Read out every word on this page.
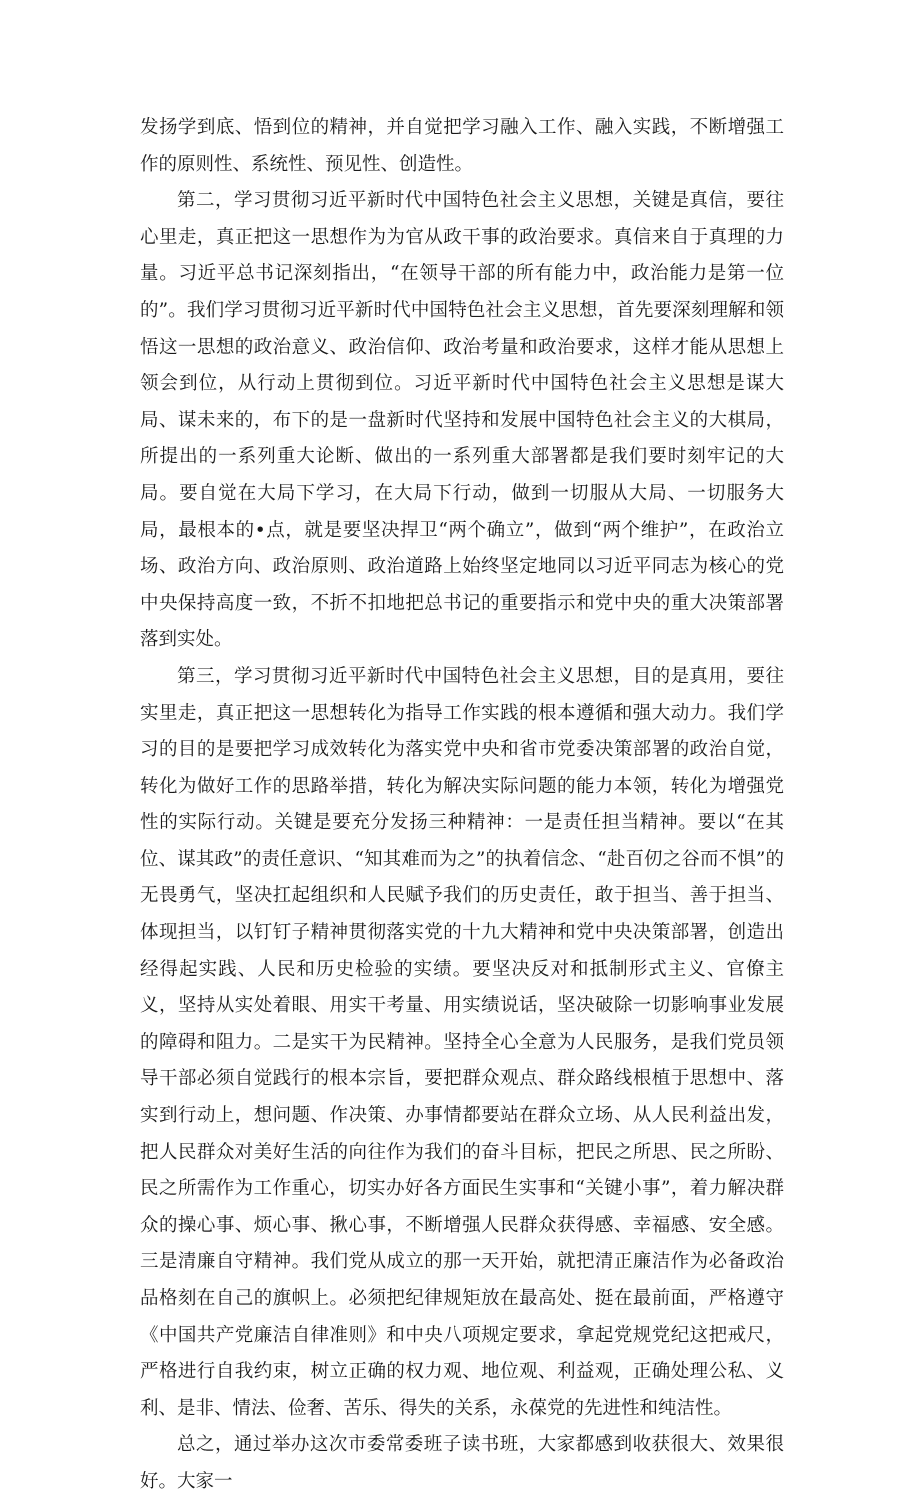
发扬学到底、悟到位的精神，并自觉把学习融入工作、融入实践，不断增强工作的原则性、系统性、预见性、创造性。

第二，学习贯彻习近平新时代中国特色社会主义思想，关键是真信，要往心里走，真正把这一思想作为为官从政干事的政治要求。真信来自于真理的力量。习近平总书记深刻指出，“在领导干部的所有能力中，政治能力是第一位的”。我们学习贯彻习近平新时代中国特色社会主义思想，首先要深刻理解和领悟这一思想的政治意义、政治信仰、政治考量和政治要求，这样才能从思想上领会到位，从行动上贯彻到位。习近平新时代中国特色社会主义思想是谋大局、谋未来的，布下的是一盘新时代坚持和发展中国特色社会主义的大棋局，所提出的一系列重大论断、做出的一系列重大部署都是我们要时刻牢记的大局。要自觉在大局下学习，在大局下行动，做到一切服从大局、一切服务大局，最根本的•点，就是要坚决捍卫“两个确立”，做到“两个维护”，在政治立场、政治方向、政治原则、政治道路上始终坚定地同以习近平同志为核心的党中央保持高度一致，不折不扣地把总书记的重要指示和党中央的重大决策部署落到实处。

第三，学习贯彻习近平新时代中国特色社会主义思想，目的是真用，要往实里走，真正把这一思想转化为指导工作实践的根本遵循和强大动力。我们学习的目的是要把学习成效转化为落实党中央和省市党委决策部署的政治自觉，转化为做好工作的思路举措，转化为解决实际问题的能力本领，转化为增强党性的实际行动。关键是要充分发扬三种精神：一是责任担当精神。要以“在其位、谋其政”的责任意识、“知其难而为之”的执着信念、“赴百仞之谷而不惧”的无畏勇气，坚决扛起组织和人民赋予我们的历史责任，敢于担当、善于担当、体现担当，以钉钉子精神贯彻落实党的十九大精神和党中央决策部署，创造出经得起实践、人民和历史检验的实绩。要坚决反对和抵制形式主义、官僚主义，坚持从实处着眼、用实干考量、用实绩说话，坚决破除一切影响事业发展的障碍和阻力。二是实干为民精神。坚持全心全意为人民服务，是我们党员领导干部必须自觉践行的根本宗旨，要把群众观点、群众路线根植于思想中、落实到行动上，想问题、作决策、办事情都要站在群众立场、从人民利益出发，把人民群众对美好生活的向往作为我们的奋斗目标，把民之所思、民之所盼、民之所需作为工作重心，切实办好各方面民生实事和“关键小事”，着力解决群众的操心事、烦心事、揪心事，不断增强人民群众获得感、幸福感、安全感。三是清廉自守精神。我们党从成立的那一天开始，就把清正廉洁作为必备政治品格刻在自己的旗帜上。必须把纪律规矩放在最高处、挺在最前面，严格遵守《中国共产党廉洁自律准则》和中央八项规定要求，拿起党规党纪这把戒尺，严格进行自我约束，树立正确的权力观、地位观、利益观，正确处理公私、义利、是非、情法、俭奢、苦乐、得失的关系，永葆党的先进性和纯洁性。

总之，通过举办这次市委常委班子读书班，大家都感到收获很大、效果很好。大家一
